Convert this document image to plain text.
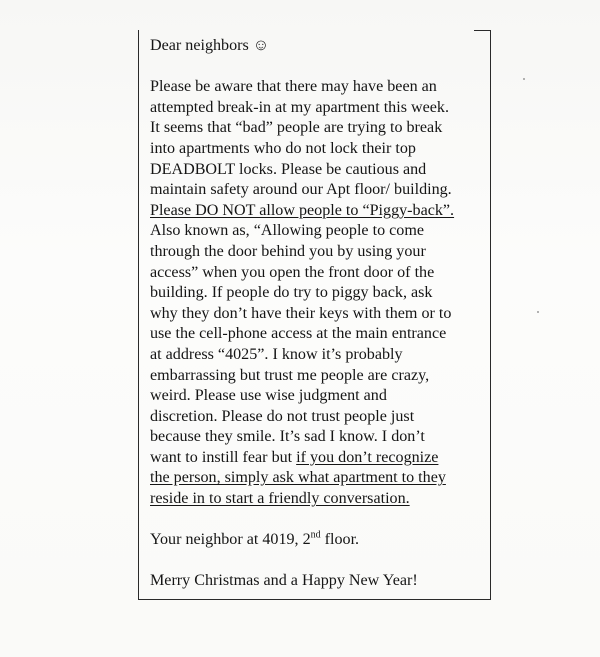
Dear neighbors ☺
Please be aware that there may have been an
attempted break-in at my apartment this week.
It seems that “bad” people are trying to break
into apartments who do not lock their top
DEADBOLT locks. Please be cautious and
maintain safety around our Apt floor/ building.
Please DO NOT allow people to “Piggy-back”.
Also known as, “Allowing people to come
through the door behind you by using your
access” when you open the front door of the
building. If people do try to piggy back, ask
why they don’t have their keys with them or to
use the cell-phone access at the main entrance
at address “4025”. I know it’s probably
embarrassing but trust me people are crazy,
weird. Please use wise judgment and
discretion. Please do not trust people just
because they smile. It’s sad I know. I don’t
want to instill fear but if you don’t recognize
the person, simply ask what apartment to they
reside in to start a friendly conversation.
Your neighbor at 4019, 2nd floor.
Merry Christmas and a Happy New Year!
